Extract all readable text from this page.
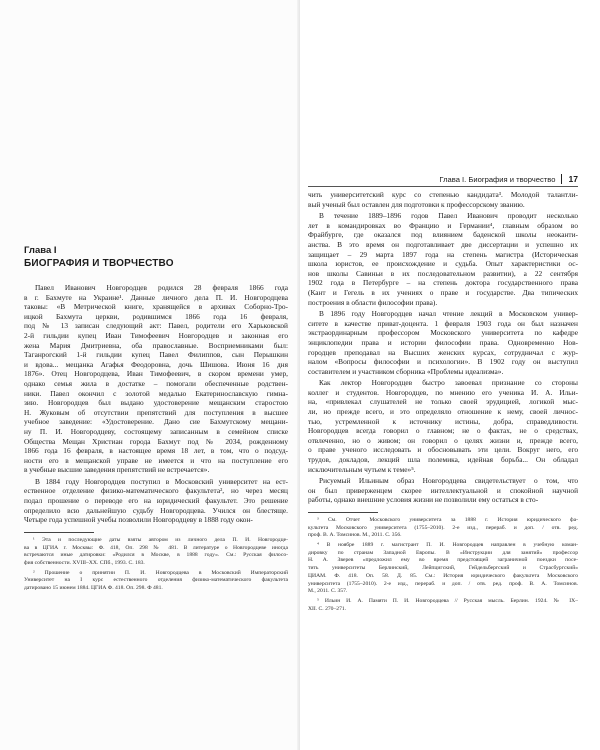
Глава I
БИОГРАФИЯ И ТВОРЧЕСТВО
Павел Иванович Новгородцев родился 28 февраля 1866 года
в г. Бахмуте на Украине¹. Данные личного дела П. И. Новгородцева
таковы: «В Метрической книге, хранящейся в архивах Соборно-Тро-
ицкой Бахмута церкви, родившимся 1866 года 16 февраля,
под № 13 записан следующий акт: Павел, родители его Харьковской
2-й гильдии купец Иван Тимофеевич Новгородцев и законная его
жена Мария Дмитриевна, оба православные. Восприемниками был:
Таганрогский 1-й гильдии купец Павел Филиппов, сын Перышкин
и вдова... мещанка Агафья Феодоровна, дочь Шишова. Июня 16 дня
1876». Отец Новгородцева, Иван Тимофеевич, в скором времени умер,
однако семья жила в достатке – помогали обеспеченные родствен-
ники. Павел окончил с золотой медалью Екатеринославскую гимна-
зию. Новгородцев был выдано удостоверение мещанским старостою
Н. Жуковым об отсутствии препятствий для поступления в высшее
учебное заведение: «Удостоверение. Дано сие Бахмутскому мещани-
ну П. И. Новгородцеву, состоящему записанным в семейном списке
Общества Мещан Христиан города Бахмут под № 2034, рожденному
1866 года 16 февраля, в настоящее время 18 лет, в том, что о подсуд-
ности его в мещанской управе не имеется и что на поступление его
в учебные высшие заведения препятствий не встречается».
В 1884 году Новгородцев поступил в Московский университет на ест-
ественное отделение физико-математического факультета², но через месяц
подал прошение о переводе его на юридический факультет. Это решение
определило всю дальнейшую судьбу Новгородцева. Учился он блестяще.
Четыре года успешной учебы позволили Новгородцеву в 1888 году окон-
¹ Эта и последующие даты взяты автором из личного дела П. И. Новгородце-
ва в ЦГИА г. Москвы: Ф. 418, Оп. 298 № 481. В литературе о Новгородцеве иногда
встречаются иные датировки: «Родился в Москве, в 1888 году». См.: Русская филосо-
фия собственности. XVIII–XX. СПб., 1993. С. 183.
² Прошение о принятии П. И. Новгородцева в Московский Императорский
Университет на I курс естественного отделения физико-математического факультета
датировано 15 июнем 1884. ЦГИА Ф. 418. Оп. 298. Ф 481.
Глава I. Биография и творчество 17
чить университетский курс со степенью кандидата³. Молодой талантли-
вый ученый был оставлен для подготовки к профессорскому званию.
В течение 1889–1896 годов Павел Иванович проводит несколько
лет в командировках во Францию и Германии⁴, главным образом во
Фрайбурге, где оказался под влиянием баденской школы неоканти-
анства. В это время он подготавливает две диссертации и успешно их
защищает – 29 марта 1897 года на степень магистра (Историческая
школа юристов, ее происхождение и судьба. Опыт характеристики ос-
нов школы Савиньи в их последовательном развитии), а 22 сентября
1902 года в Петербурге – на степень доктора государственного права
(Кант и Гегель в их учениях о праве и государстве. Два типических
построения в области философии права).
В 1896 году Новгородцев начал чтение лекций в Московском универ-
ситете в качестве приват-доцента. 1 февраля 1903 года он был назначен
экстраординарным профессором Московского университета по кафедре
энциклопедии права и истории философии права. Одновременно Нов-
городцев преподавал на Высших женских курсах, сотрудничал с жур-
налом «Вопросы философии и психологии». В 1902 году он выступил
составителем и участником сборника «Проблемы идеализма».
Как лектор Новгородцев быстро завоевал признание со стороны
коллег и студентов. Новгородцев, по мнению его ученика И. А. Ильи-
на, «привлекал слушателей не только своей эрудицией, логикой мыс-
ли, но прежде всего, и это определяло отношение к нему, своей личнос-
тью, устремленной к источнику истины, добра, справедливости.
Новгородцев всегда говорил о главном; не о фактах, не о средствах,
отвлеченно, но о живом; он говорил о целях жизни и, прежде всего,
о праве ученого исследовать и обосновывать эти цели. Вокруг него, его
трудов, докладов, лекций шла полемика, идейная борьба... Он обладал
исключительным чутьем к теме»⁵.
Рисуемый Ильиным образ Новгородцева свидетельствует о том, что
он был приверженцем скорее интеллектуальной и спокойной научной
работы, однако внешние условия жизни не позволили ему остаться в сто-
³ См. Отчет Московского университета за 1888 г. История юридического фа-
культета Московского университета (1755–2010). 2-е изд., перераб. и доп. / отв. ред.
проф. В. А. Томсинов. М., 2011. С. 356.
⁴ В ноябре 1889 г. магистрант П. И. Новгородцев направлен в учебную коман-
дировку по странам Западной Европы. В «Инструкции для занятий» профессор
Н. А. Зверев «предложил ему во время предстоящей заграничной поездки посе-
тить университеты Берлинский, Лейпцигский, Гейдельбергский и Страсбургский»
ЦИАМ. Ф. 418. Оп. 58. Д. 85. См.: История юридического факультета Московского
университета (1755–2010). 2-е изд., перераб. и доп. / отв. ред. проф. В. А. Томсинов.
М., 2011. С. 357.
⁵ Ильин И. А. Памяти П. И. Новгородцева // Русская мысль. Берлин. 1924. № IX–
XII. С. 270–271.
